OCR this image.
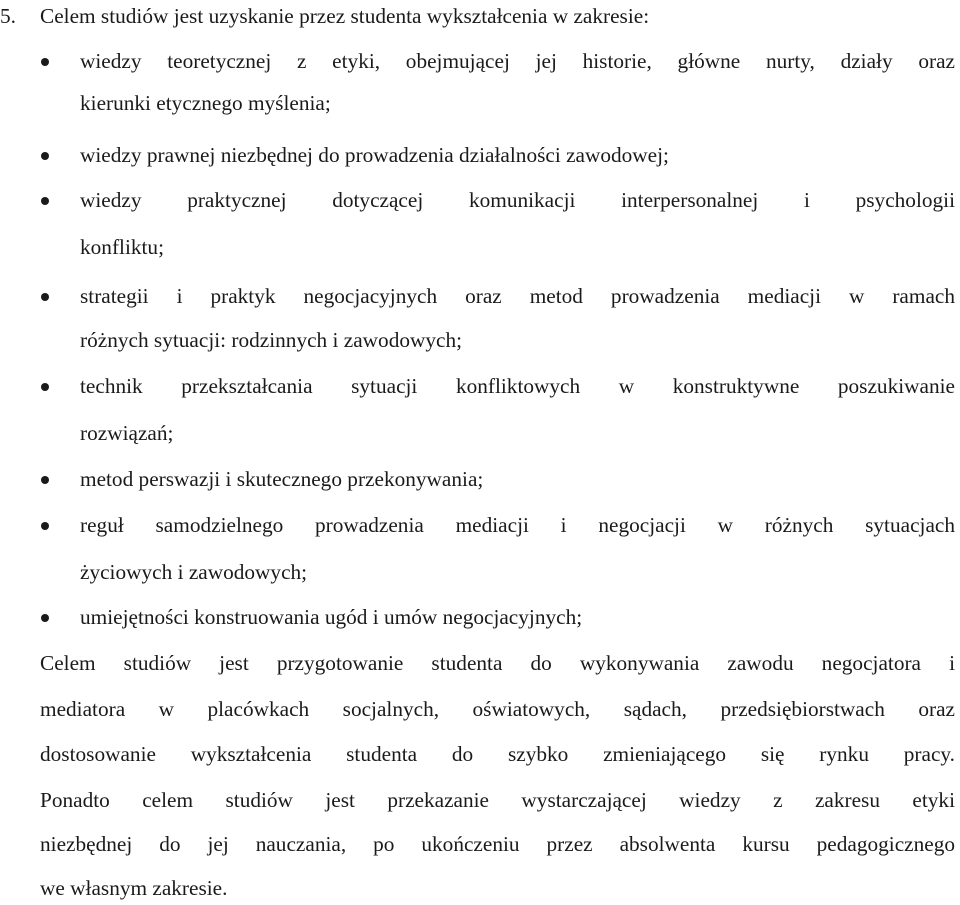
5. Celem studiów jest uzyskanie przez studenta wykształcenia w zakresie:
wiedzy teoretycznej z etyki, obejmującej jej historie, główne nurty, działy oraz
kierunki etycznego myślenia;
wiedzy prawnej niezbędnej do prowadzenia działalności zawodowej;
wiedzy praktycznej dotyczącej komunikacji interpersonalnej i psychologii
konfliktu;
strategii i praktyk negocjacyjnych oraz metod prowadzenia mediacji w ramach
różnych sytuacji: rodzinnych i zawodowych;
technik przekształcania sytuacji konfliktowych w konstruktywne poszukiwanie
rozwiązań;
metod perswazji i skutecznego przekonywania;
reguł samodzielnego prowadzenia mediacji i negocjacji w różnych sytuacjach
życiowych i zawodowych;
umiejętności konstruowania ugód i umów negocjacyjnych;
Celem studiów jest przygotowanie studenta do wykonywania zawodu negocjatora i
mediatora w placówkach socjalnych, oświatowych, sądach, przedsiębiorstwach oraz
dostosowanie wykształcenia studenta do szybko zmieniającego się rynku pracy.
Ponadto celem studiów jest przekazanie wystarczającej wiedzy z zakresu etyki
niezbędnej do jej nauczania, po ukończeniu przez absolwenta kursu pedagogicznego
we własnym zakresie.
